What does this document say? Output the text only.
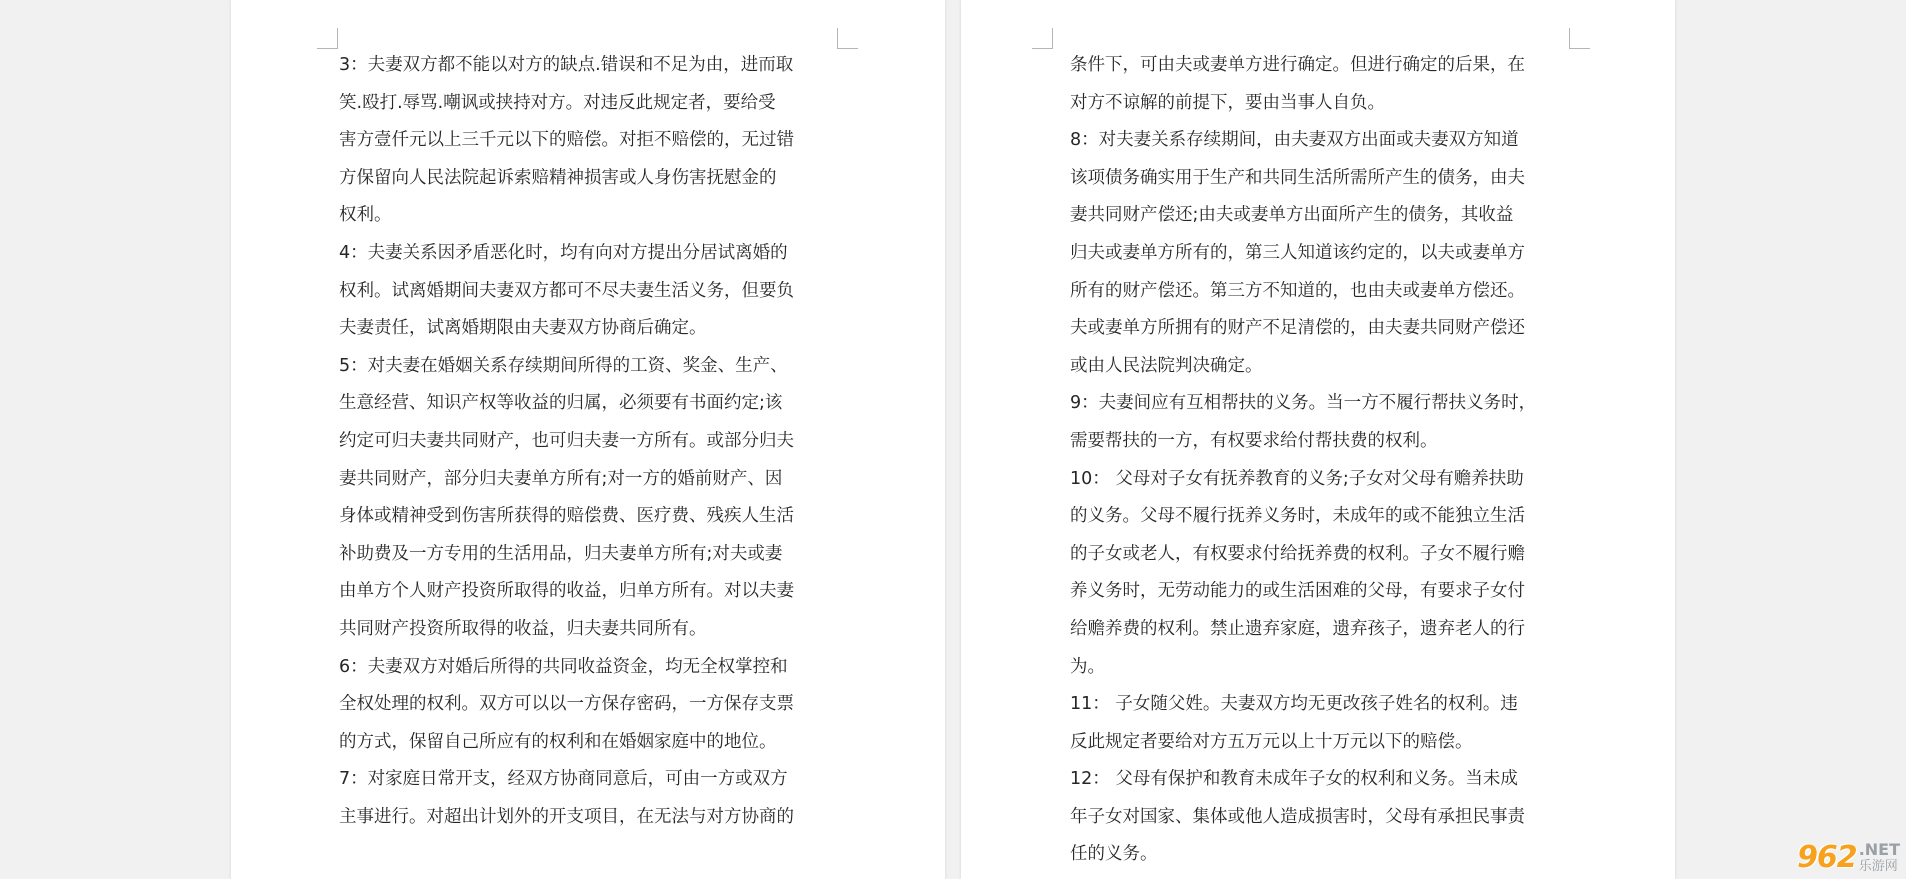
3：夫妻双方都不能以对方的缺点.错误和不足为由，进而取
笑.殴打.辱骂.嘲讽或挟持对方。对违反此规定者，要给受
害方壹仟元以上三千元以下的赔偿。对拒不赔偿的，无过错
方保留向人民法院起诉索赔精神损害或人身伤害抚慰金的
权利。
4：夫妻关系因矛盾恶化时，均有向对方提出分居试离婚的
权利。试离婚期间夫妻双方都可不尽夫妻生活义务，但要负
夫妻责任，试离婚期限由夫妻双方协商后确定。
5：对夫妻在婚姻关系存续期间所得的工资、奖金、生产、
生意经营、知识产权等收益的归属，必须要有书面约定;该
约定可归夫妻共同财产，也可归夫妻一方所有。或部分归夫
妻共同财产，部分归夫妻单方所有;对一方的婚前财产、因
身体或精神受到伤害所获得的赔偿费、医疗费、残疾人生活
补助费及一方专用的生活用品，归夫妻单方所有;对夫或妻
由单方个人财产投资所取得的收益，归单方所有。对以夫妻
共同财产投资所取得的收益，归夫妻共同所有。
6：夫妻双方对婚后所得的共同收益资金，均无全权掌控和
全权处理的权利。双方可以以一方保存密码，一方保存支票
的方式，保留自己所应有的权利和在婚姻家庭中的地位。
7：对家庭日常开支，经双方协商同意后，可由一方或双方
主事进行。对超出计划外的开支项目，在无法与对方协商的
条件下，可由夫或妻单方进行确定。但进行确定的后果，在
对方不谅解的前提下，要由当事人自负。
8：对夫妻关系存续期间，由夫妻双方出面或夫妻双方知道
该项债务确实用于生产和共同生活所需所产生的债务，由夫
妻共同财产偿还;由夫或妻单方出面所产生的债务，其收益
归夫或妻单方所有的，第三人知道该约定的，以夫或妻单方
所有的财产偿还。第三方不知道的，也由夫或妻单方偿还。
夫或妻单方所拥有的财产不足清偿的，由夫妻共同财产偿还
或由人民法院判决确定。
9：夫妻间应有互相帮扶的义务。当一方不履行帮扶义务时，
需要帮扶的一方，有权要求给付帮扶费的权利。
10： 父母对子女有抚养教育的义务;子女对父母有赡养扶助
的义务。父母不履行抚养义务时，未成年的或不能独立生活
的子女或老人，有权要求付给抚养费的权利。子女不履行赡
养义务时，无劳动能力的或生活困难的父母，有要求子女付
给赡养费的权利。禁止遗弃家庭，遗弃孩子，遗弃老人的行
为。
11： 子女随父姓。夫妻双方均无更改孩子姓名的权利。违
反此规定者要给对方五万元以上十万元以下的赔偿。
12： 父母有保护和教育未成年子女的权利和义务。当未成
年子女对国家、集体或他人造成损害时，父母有承担民事责
任的义务。	962 .NET
乐游网
